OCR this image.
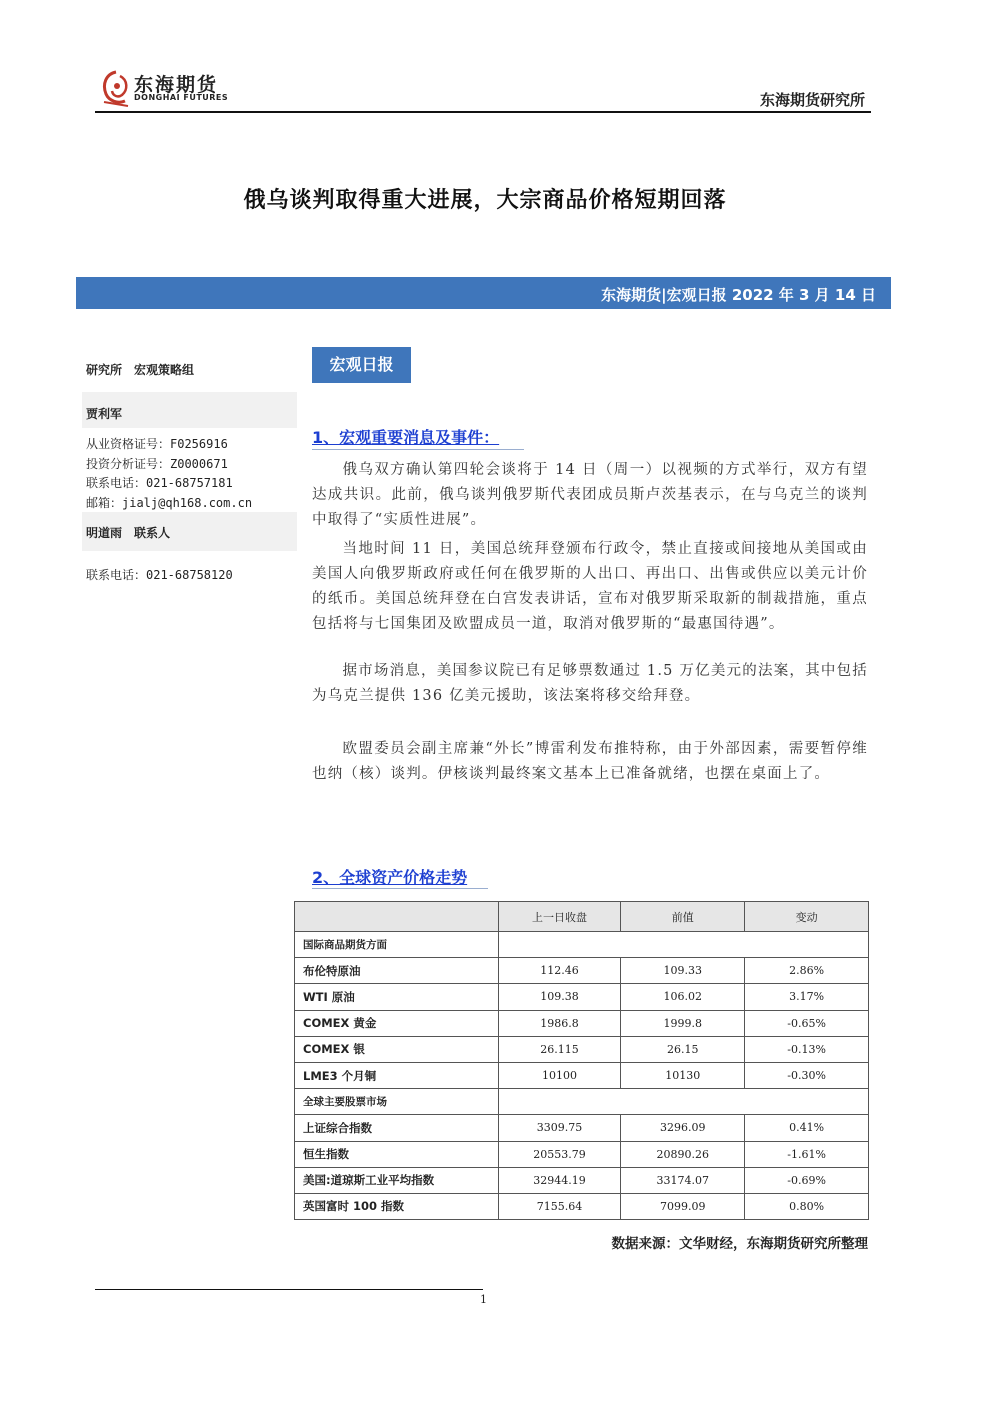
东海期货
DONGHAI FUTURES	东海期货研究所
俄乌谈判取得重大进展，大宗商品价格短期回落
东海期货|宏观日报 2022 年 3 月 14 日
研究所　宏观策略组
贾利军
从业资格证号：F0256916
投资分析证号：Z0000671
联系电话：021-68757181
邮箱：jialj@qh168.com.cn
明道雨　联系人
联系电话：021-68758120
宏观日报
1、宏观重要消息及事件：

俄乌双方确认第四轮会谈将于 14 日（周一）以视频的方式举行，双方有望达成共识。此前，俄乌谈判俄罗斯代表团成员斯卢茨基表示，在与乌克兰的谈判中取得了“实质性进展”。

当地时间 11 日，美国总统拜登颁布行政令，禁止直接或间接地从美国或由美国人向俄罗斯政府或任何在俄罗斯的人出口、再出口、出售或供应以美元计价的纸币。美国总统拜登在白宫发表讲话，宣布对俄罗斯采取新的制裁措施，重点包括将与七国集团及欧盟成员一道，取消对俄罗斯的“最惠国待遇”。

据市场消息，美国参议院已有足够票数通过 1.5 万亿美元的法案，其中包括为乌克兰提供 136 亿美元援助，该法案将移交给拜登。

欧盟委员会副主席兼“外长”博雷利发布推特称，由于外部因素，需要暂停维也纳（核）谈判。伊核谈判最终案文基本上已准备就绪，也摆在桌面上了。

2、全球资产价格走势
	上一日收盘	前值	变动
国际商品期货方面			
布伦特原油	112.46	109.33	2.86%
WTI 原油	109.38	106.02	3.17%
COMEX 黄金	1986.8	1999.8	-0.65%
COMEX 银	26.115	26.15	-0.13%
LME3 个月铜	10100	10130	-0.30%
全球主要股票市场			
上证综合指数	3309.75	3296.09	0.41%
恒生指数	20553.79	20890.26	-1.61%
美国:道琼斯工业平均指数	32944.19	33174.07	-0.69%
英国富时 100 指数	7155.64	7099.09	0.80%
数据来源：文华财经，东海期货研究所整理
1
